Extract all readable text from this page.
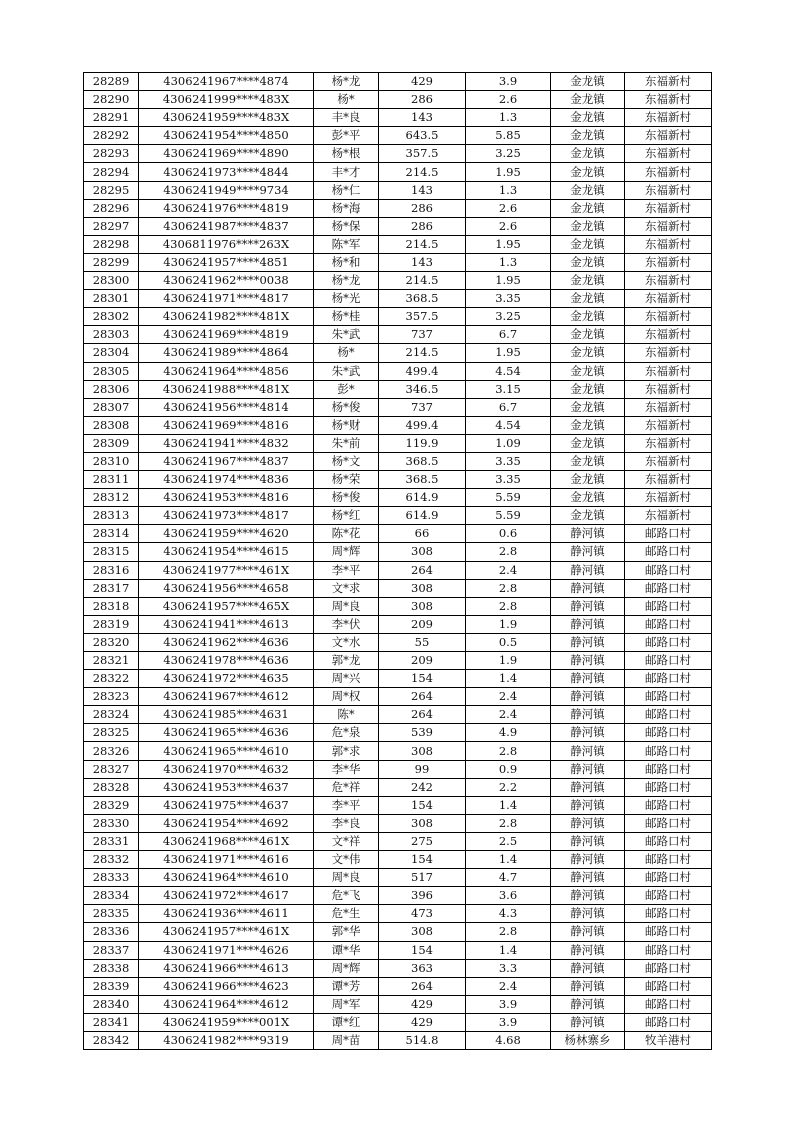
28289	4306241967****4874	杨*龙	429	3.9	金龙镇	东福新村
28290	4306241999****483X	杨*	286	2.6	金龙镇	东福新村
28291	4306241959****483X	丰*良	143	1.3	金龙镇	东福新村
28292	4306241954****4850	彭*平	643.5	5.85	金龙镇	东福新村
28293	4306241969****4890	杨*根	357.5	3.25	金龙镇	东福新村
28294	4306241973****4844	丰*才	214.5	1.95	金龙镇	东福新村
28295	4306241949****9734	杨*仁	143	1.3	金龙镇	东福新村
28296	4306241976****4819	杨*海	286	2.6	金龙镇	东福新村
28297	4306241987****4837	杨*保	286	2.6	金龙镇	东福新村
28298	4306811976****263X	陈*军	214.5	1.95	金龙镇	东福新村
28299	4306241957****4851	杨*和	143	1.3	金龙镇	东福新村
28300	4306241962****0038	杨*龙	214.5	1.95	金龙镇	东福新村
28301	4306241971****4817	杨*光	368.5	3.35	金龙镇	东福新村
28302	4306241982****481X	杨*桂	357.5	3.25	金龙镇	东福新村
28303	4306241969****4819	朱*武	737	6.7	金龙镇	东福新村
28304	4306241989****4864	杨*	214.5	1.95	金龙镇	东福新村
28305	4306241964****4856	朱*武	499.4	4.54	金龙镇	东福新村
28306	4306241988****481X	彭*	346.5	3.15	金龙镇	东福新村
28307	4306241956****4814	杨*俊	737	6.7	金龙镇	东福新村
28308	4306241969****4816	杨*财	499.4	4.54	金龙镇	东福新村
28309	4306241941****4832	朱*前	119.9	1.09	金龙镇	东福新村
28310	4306241967****4837	杨*文	368.5	3.35	金龙镇	东福新村
28311	4306241974****4836	杨*荣	368.5	3.35	金龙镇	东福新村
28312	4306241953****4816	杨*俊	614.9	5.59	金龙镇	东福新村
28313	4306241973****4817	杨*红	614.9	5.59	金龙镇	东福新村
28314	4306241959****4620	陈*花	66	0.6	静河镇	邮路口村
28315	4306241954****4615	周*辉	308	2.8	静河镇	邮路口村
28316	4306241977****461X	李*平	264	2.4	静河镇	邮路口村
28317	4306241956****4658	文*求	308	2.8	静河镇	邮路口村
28318	4306241957****465X	周*良	308	2.8	静河镇	邮路口村
28319	4306241941****4613	李*伏	209	1.9	静河镇	邮路口村
28320	4306241962****4636	文*水	55	0.5	静河镇	邮路口村
28321	4306241978****4636	郭*龙	209	1.9	静河镇	邮路口村
28322	4306241972****4635	周*兴	154	1.4	静河镇	邮路口村
28323	4306241967****4612	周*权	264	2.4	静河镇	邮路口村
28324	4306241985****4631	陈*	264	2.4	静河镇	邮路口村
28325	4306241965****4636	危*泉	539	4.9	静河镇	邮路口村
28326	4306241965****4610	郭*求	308	2.8	静河镇	邮路口村
28327	4306241970****4632	李*华	99	0.9	静河镇	邮路口村
28328	4306241953****4637	危*祥	242	2.2	静河镇	邮路口村
28329	4306241975****4637	李*平	154	1.4	静河镇	邮路口村
28330	4306241954****4692	李*良	308	2.8	静河镇	邮路口村
28331	4306241968****461X	文*祥	275	2.5	静河镇	邮路口村
28332	4306241971****4616	文*伟	154	1.4	静河镇	邮路口村
28333	4306241964****4610	周*良	517	4.7	静河镇	邮路口村
28334	4306241972****4617	危*飞	396	3.6	静河镇	邮路口村
28335	4306241936****4611	危*生	473	4.3	静河镇	邮路口村
28336	4306241957****461X	郭*华	308	2.8	静河镇	邮路口村
28337	4306241971****4626	谭*华	154	1.4	静河镇	邮路口村
28338	4306241966****4613	周*辉	363	3.3	静河镇	邮路口村
28339	4306241966****4623	谭*芳	264	2.4	静河镇	邮路口村
28340	4306241964****4612	周*军	429	3.9	静河镇	邮路口村
28341	4306241959****001X	谭*红	429	3.9	静河镇	邮路口村
28342	4306241982****9319	周*苗	514.8	4.68	杨林寨乡	牧羊港村
